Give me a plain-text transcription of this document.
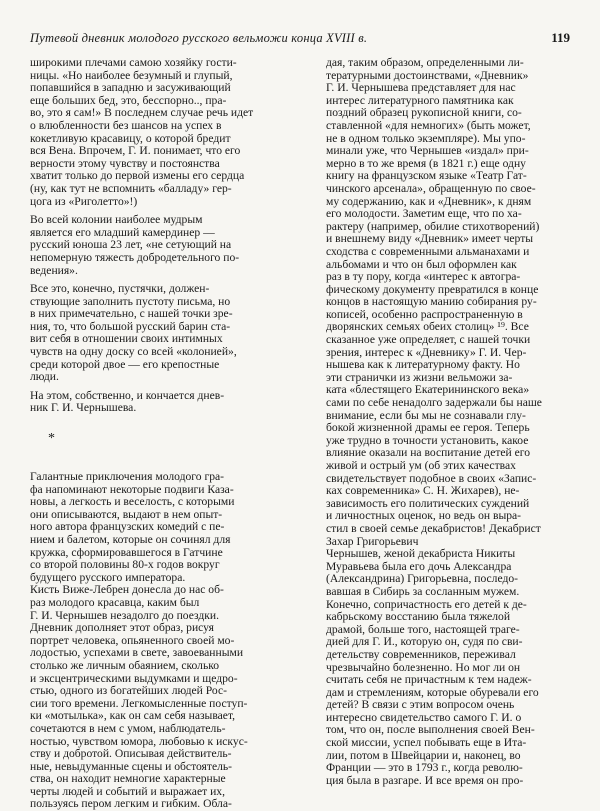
Путевой дневник молодого русского вельможи конца XVIII в.	119
широкими плечами самою хозяйку гости-
ницы. «Но наиболее безумный и глупый,
попавшийся в западню и засуживающий
еще больших бед, это, бесспорно.., пра-
во, это я сам!» В последнем случае речь идет
о влюбленности без шансов на успех в
кокетливую красавицу, о которой бредит
вся Вена. Впрочем, Г. И. понимает, что его
верности этому чувству и постоянства
хватит только до первой измены его сердца
(ну, как тут не вспомнить «балладу» гер-
цога из «Риголетто»!)
Во всей колонии наиболее мудрым
является его младший камердинер —
русский юноша 23 лет, «не сетующий на
непомерную тяжесть добродетельного по-
ведения».
Все это, конечно, пустячки, должен-
ствующие заполнить пустоту письма, но
в них примечательно, с нашей точки зре-
ния, то, что большой русский барин ста-
вит себя в отношении своих интимных
чувств на одну доску со всей «колонией»,
среди которой двое — его крепостные
люди.
На этом, собственно, и кончается днев-
ник Г. И. Чернышева.
*
Галантные приключения молодого гра-
фа напоминают некоторые подвиги Каза-
новы, а легкость и веселость, с которыми
они описываются, выдают в нем опыт-
ного автора французских комедий с пе-
нием и балетом, которые он сочинял для
кружка, сформировавшегося в Гатчине
со второй половины 80-х годов вокруг
будущего русского императора.
Кисть Виже-Лебрен донесла до нас об-
раз молодого красавца, каким был
Г. И. Чернышев незадолго до поездки.
Дневник дополняет этот образ, рисуя
портрет человека, опьяненного своей мо-
лодостью, успехами в свете, завоеванными
столько же личным обаянием, сколько
и эксцентрическими выдумками и щедро-
стью, одного из богатейших людей Рос-
сии того времени. Легкомысленные поступ-
ки «мотылька», как он сам себя называет,
сочетаются в нем с умом, наблюдатель-
ностью, чувством юмора, любовью к искус-
ству и добротой. Описывая действитель-
ные, невыдуманные сцены и обстоятель-
ства, он находит немногие характерные
черты людей и событий и выражает их,
пользуясь пером легким и гибким. Обла-
дая, таким образом, определенными ли-
тературными достоинствами, «Дневник»
Г. И. Чернышева представляет для нас
интерес литературного памятника как
поздний образец рукописной книги, со-
ставленной «для немногих» (быть может,
не в одном только экземпляре). Мы упо-
минали уже, что Чернышев «издал» при-
мерно в то же время (в 1821 г.) еще одну
книгу на французском языке «Театр Гат-
чинского арсенала», обращенную по свое-
му содержанию, как и «Дневник», к дням
его молодости. Заметим еще, что по ха-
рактеру (например, обилие стихотворений)
и внешнему виду «Дневник» имеет черты
сходства с современными альманахами и
альбомами и что он был оформлен как
раз в ту пору, когда «интерес к автогра-
фическому документу превратился в конце
концов в настоящую манию собирания ру-
кописей, особенно распространенную в
дворянских семьях обеих столиц» ¹⁹. Все
сказанное уже определяет, с нашей точки
зрения, интерес к «Дневнику» Г. И. Чер-
нышева как к литературному факту. Но
эти странички из жизни вельможи за-
ката «блестящего Екатерининского века»
сами по себе ненадолго задержали бы наше
внимание, если бы мы не сознавали глу-
бокой жизненной драмы ее героя. Теперь
уже трудно в точности установить, какое
влияние оказали на воспитание детей его
живой и острый ум (об этих качествах
свидетельствует подобное в своих «Запис-
ках современника» С. Н. Жихарев), не-
зависимость его политических суждений
и личностных оценок, но ведь он выра-
стил в своей семье декабристов! Декабрист
Захар Григорьевич
Чернышев, женой декабриста Никиты
Муравьева была его дочь Александра
(Александрина) Григорьевна, последо-
вавшая в Сибирь за сосланным мужем.
Конечно, сопричастность его детей к де-
кабрьскому восстанию была тяжелой
драмой, больше того, настоящей траге-
дией для Г. И., которую он, судя по сви-
детельству современников, переживал
чрезвычайно болезненно. Но мог ли он
считать себя не причастным к тем надеж-
дам и стремлениям, которые обуревали его
детей? В связи с этим вопросом очень
интересно свидетельство самого Г. И. о
том, что он, после выполнения своей Вен-
ской миссии, успел побывать еще в Ита-
лии, потом в Швейцарии и, наконец, во
Франции — это в 1793 г., когда револю-
ция была в разгаре. И все время он про-
